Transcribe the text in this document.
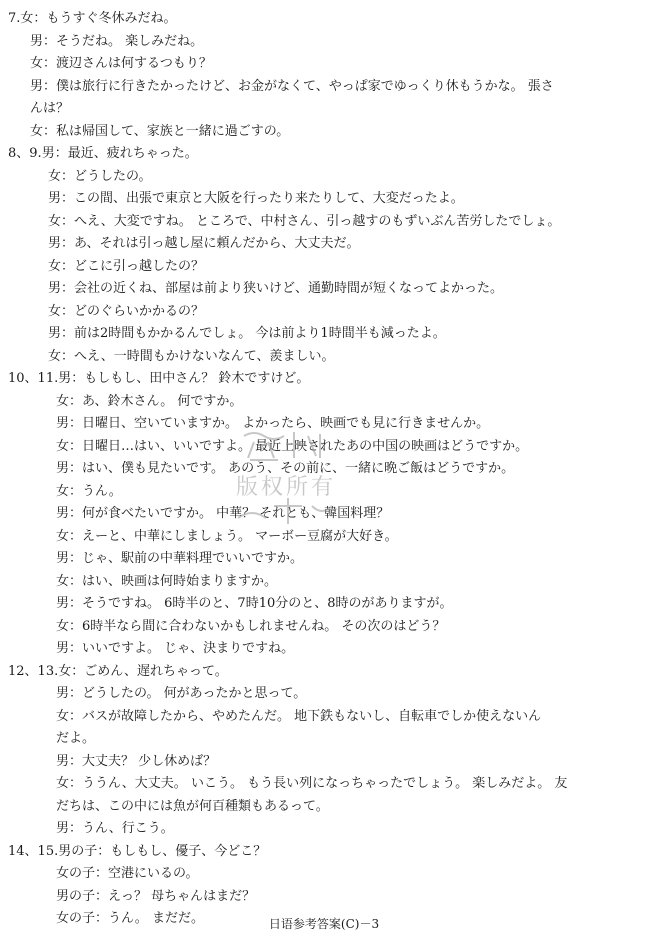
7.女：もうすぐ冬休みだね。
男：そうだね。 楽しみだね。
女：渡辺さんは何するつもり？
男：僕は旅行に行きたかったけど、お金がなくて、やっぱ家でゆっくり休もうかな。 張さ
んは？
女：私は帰国して、家族と一緒に過ごすの。
8、9.男：最近、疲れちゃった。
女：どうしたの。
男：この間、出張で東京と大阪を行ったり来たりして、大変だったよ。
女：へえ、大変ですね。 ところで、中村さん、引っ越すのもずいぶん苦労したでしょ。
男：あ、それは引っ越し屋に頼んだから、大丈夫だ。
女：どこに引っ越したの？
男：会社の近くね、部屋は前より狭いけど、通勤時間が短くなってよかった。
女：どのぐらいかかるの？
男：前は2時間もかかるんでしょ。 今は前より1時間半も減ったよ。
女：へえ、一時間もかけないなんて、羨ましい。
10、11.男：もしもし、田中さん？ 鈴木ですけど。
女：あ、鈴木さん。 何ですか。
男：日曜日、空いていますか。 よかったら、映画でも見に行きませんか。
女：日曜日…はい、いいですよ。 最近上映されたあの中国の映画はどうですか。
男：はい、僕も見たいです。 あのう、その前に、一緒に晩ご飯はどうですか。
女：うん。
男：何が食べたいですか。 中華？ それとも、韓国料理？
女：えーと、中華にしましょう。 マーボー豆腐が大好き。
男：じゃ、駅前の中華料理でいいですか。
女：はい、映画は何時始まりますか。
男：そうですね。 6時半のと、7時10分のと、8時のがありますが。
女：6時半なら間に合わないかもしれませんね。 その次のはどう？
男：いいですよ。 じゃ、決まりですね。
12、13.女：ごめん、遅れちゃって。
男：どうしたの。 何があったかと思って。
女：バスが故障したから、やめたんだ。 地下鉄もないし、自転車でしか使えないん
だよ。
男：大丈夫？ 少し休めば？
女：ううん、大丈夫。 いこう。 もう長い列になっちゃったでしょう。 楽しみだよ。 友
だちは、この中には魚が何百種類もあるって。
男：うん、行こう。
14、15.男の子：もしもし、優子、今どこ？
女の子：空港にいるの。
男の子：えっ？ 母ちゃんはまだ？
女の子：うん。 まだだ。
版权所有
日语参考答案(C)－3
